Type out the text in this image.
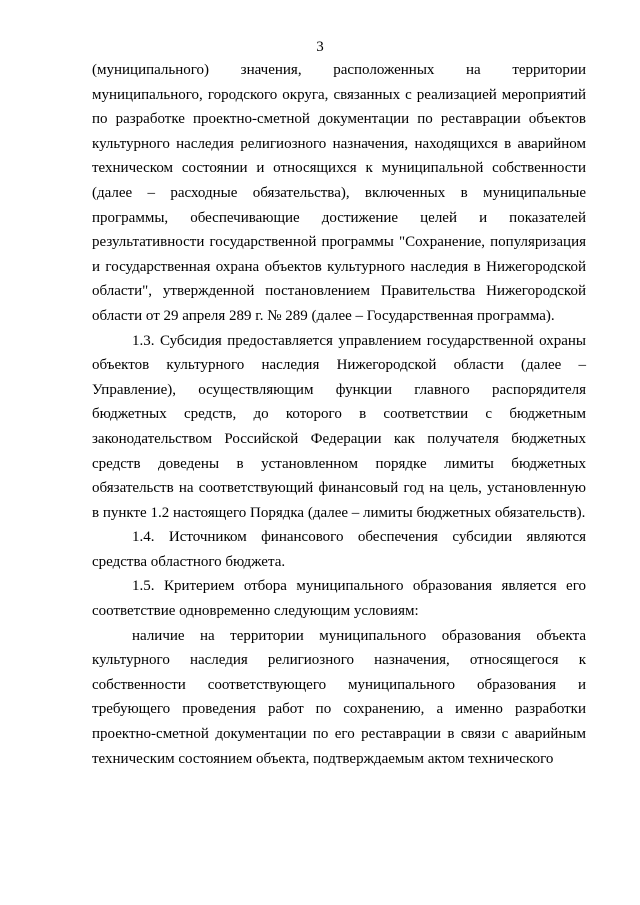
3

(муниципального) значения, расположенных на территории муниципального, городского округа, связанных с реализацией мероприятий по разработке проектно-сметной документации по реставрации объектов культурного наследия религиозного назначения, находящихся в аварийном техническом состоянии и относящихся к муниципальной собственности (далее – расходные обязательства), включенных в муниципальные программы, обеспечивающие достижение целей и показателей результативности государственной программы "Сохранение, популяризация и государственная охрана объектов культурного наследия в Нижегородской области", утвержденной постановлением Правительства Нижегородской области от 29 апреля 289 г. № 289 (далее – Государственная программа).

1.3. Субсидия предоставляется управлением государственной охраны объектов культурного наследия Нижегородской области (далее – Управление), осуществляющим функции главного распорядителя бюджетных средств, до которого в соответствии с бюджетным законодательством Российской Федерации как получателя бюджетных средств доведены в установленном порядке лимиты бюджетных обязательств на соответствующий финансовый год на цель, установленную в пункте 1.2 настоящего Порядка (далее – лимиты бюджетных обязательств).

1.4. Источником финансового обеспечения субсидии являются средства областного бюджета.

1.5. Критерием отбора муниципального образования является его соответствие одновременно следующим условиям:

наличие на территории муниципального образования объекта культурного наследия религиозного назначения, относящегося к собственности соответствующего муниципального образования и требующего проведения работ по сохранению, а именно разработки проектно-сметной документации по его реставрации в связи с аварийным техническим состоянием объекта, подтверждаемым актом технического
